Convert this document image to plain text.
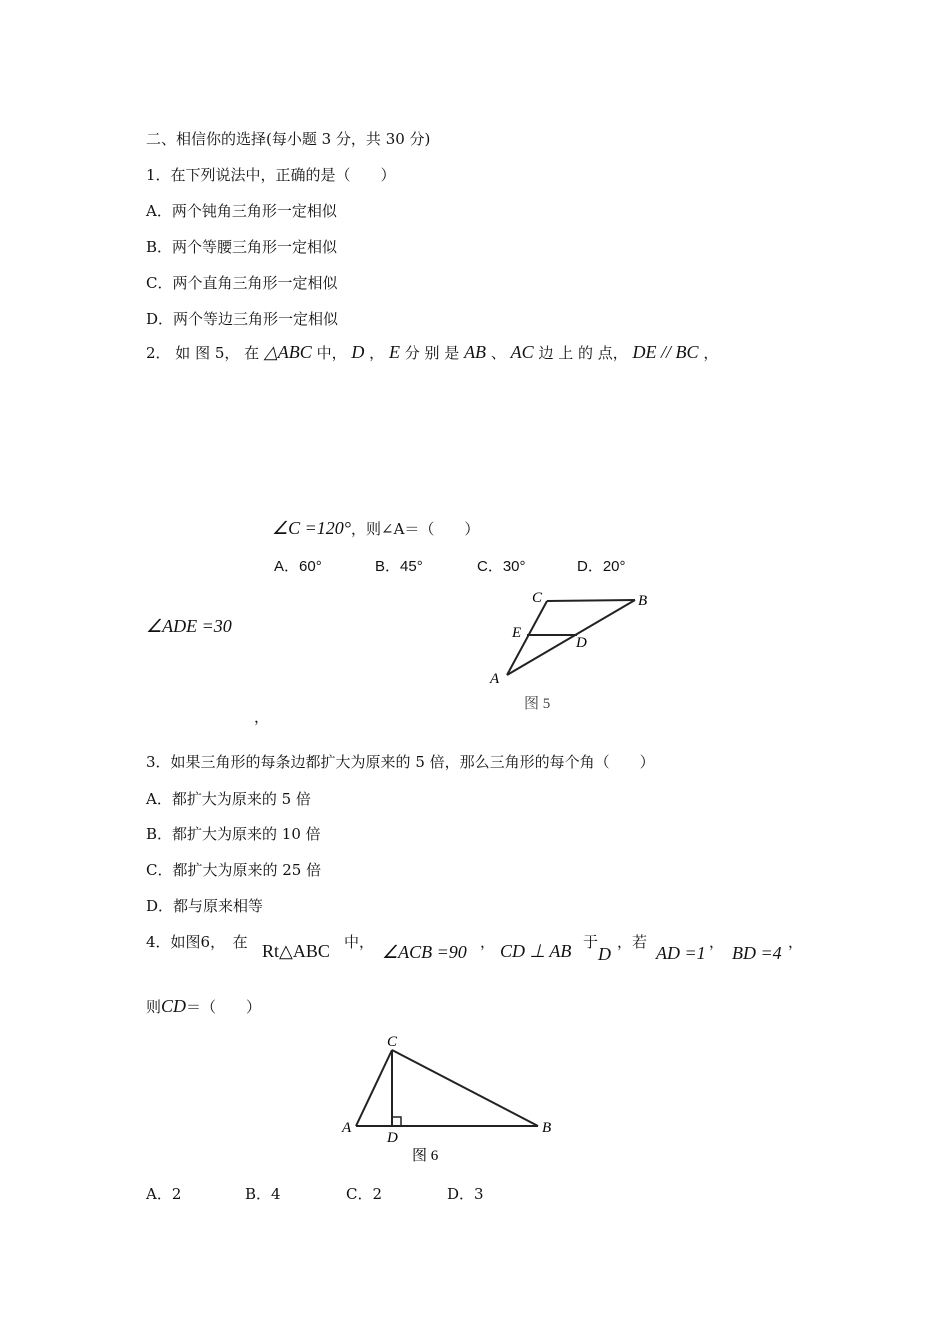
二、相信你的选择(每小题 3 分，共 30 分)
1．在下列说法中，正确的是（　　）
A．两个钝角三角形一定相似
B．两个等腰三角形一定相似
C．两个直角三角形一定相似
D．两个等边三角形一定相似
2． 如 图 5， 在 △ABC 中， D ， E 分 别 是 AB 、 AC 边 上 的 点， DE // BC ，
∠C =120°，则∠A＝（　　）
A．60°	B．45°	C．30°	D．20°
∠ADE =30
，
C	B
E
D
A
图 5
3．如果三角形的每条边都扩大为原来的 5 倍，那么三角形的每个角（　　）
A．都扩大为原来的 5 倍
B．都扩大为原来的 10 倍
C．都扩大为原来的 25 倍
D．都与原来相等
4．如图6，　在 Rt△ABC 中， ∠ACB =90 ， CD ⊥ AB 于
D
，若
AD =1
，
BD =4
，
则CD＝（　　）
C
A
D
B
图 6
A．2	B．4	C．2	D．3
